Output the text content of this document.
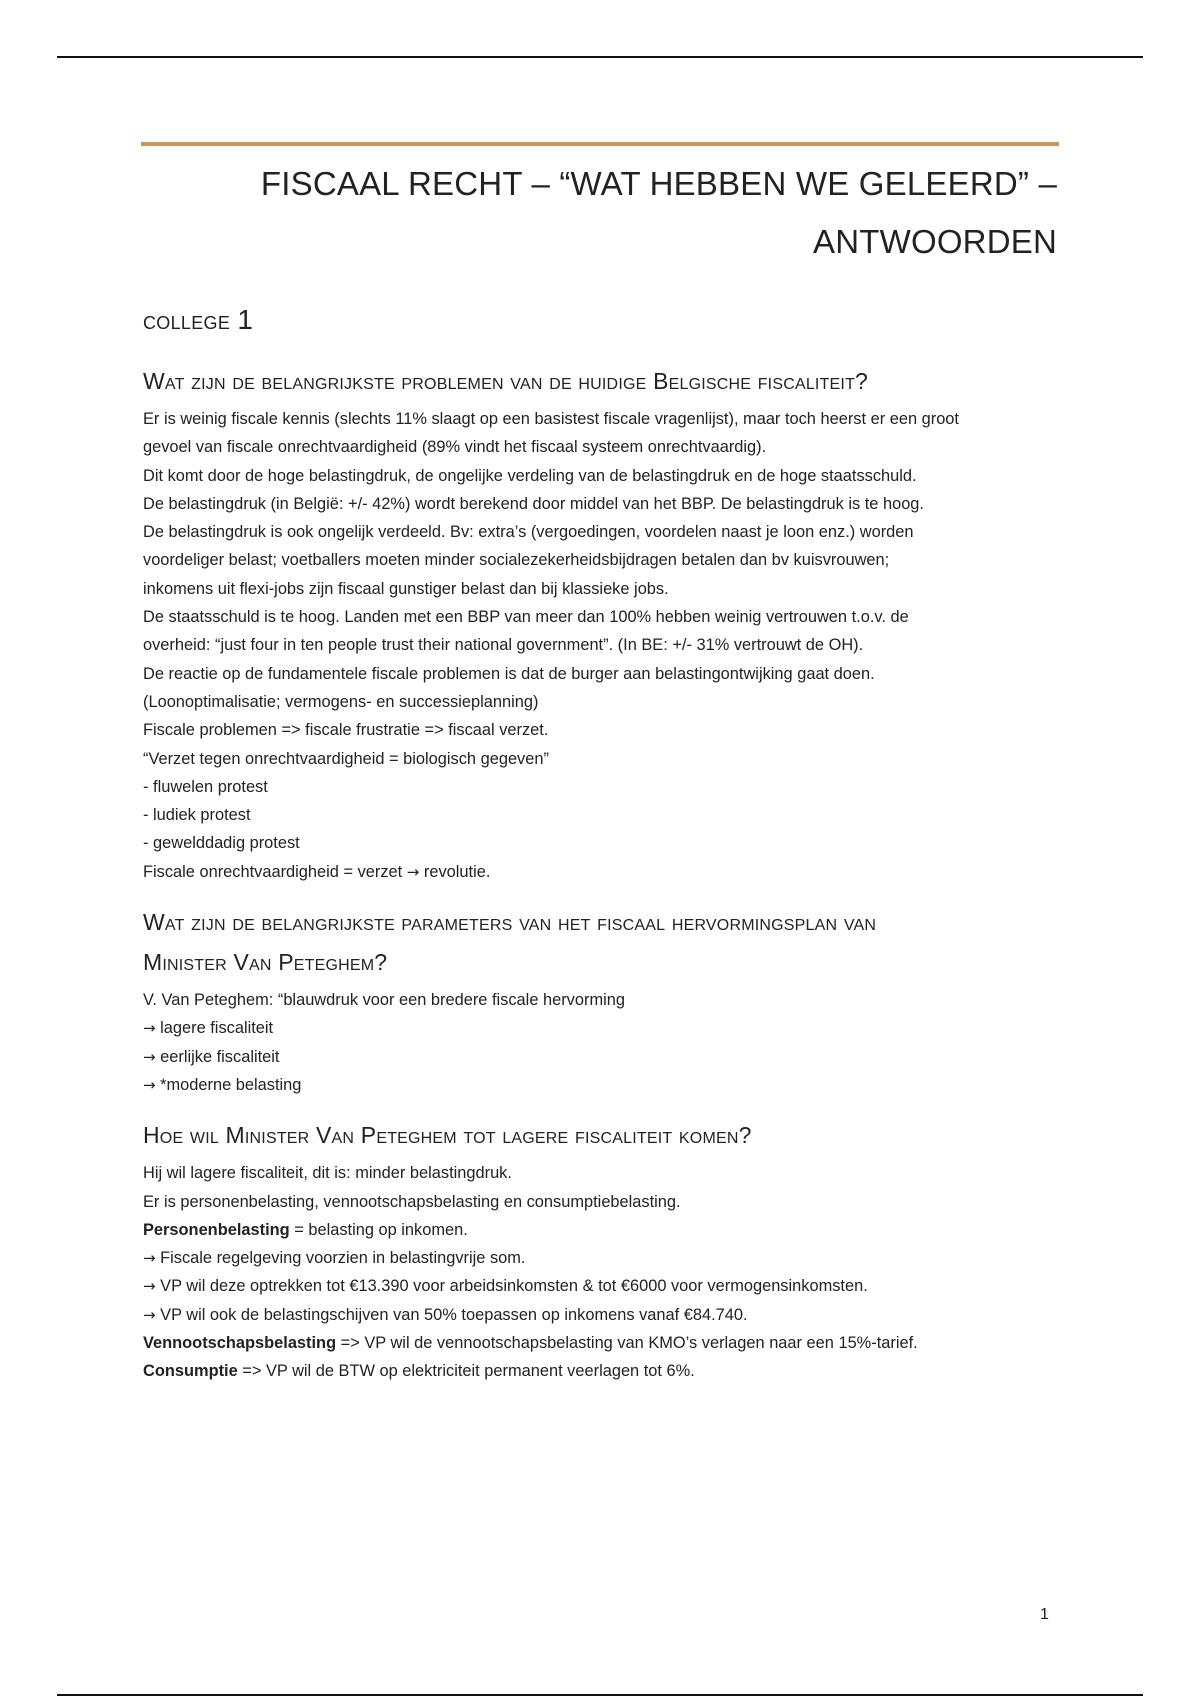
FISCAAL RECHT – “WAT HEBBEN WE GELEERD” –
ANTWOORDEN
college 1
Wat zijn de belangrijkste problemen van de huidige Belgische fiscaliteit?
Er is weinig fiscale kennis (slechts 11% slaagt op een basistest fiscale vragenlijst), maar toch heerst er een groot
gevoel van fiscale onrechtvaardigheid (89% vindt het fiscaal systeem onrechtvaardig).
Dit komt door de hoge belastingdruk, de ongelijke verdeling van de belastingdruk en de hoge staatsschuld.
De belastingdruk (in België: +/- 42%) wordt berekend door middel van het BBP. De belastingdruk is te hoog.
De belastingdruk is ook ongelijk verdeeld. Bv: extra’s (vergoedingen, voordelen naast je loon enz.) worden
voordeliger belast; voetballers moeten minder socialezekerheidsbijdragen betalen dan bv kuisvrouwen;
inkomens uit flexi-jobs zijn fiscaal gunstiger belast dan bij klassieke jobs.
De staatsschuld is te hoog. Landen met een BBP van meer dan 100% hebben weinig vertrouwen t.o.v. de
overheid: “just four in ten people trust their national government”. (In BE: +/- 31% vertrouwt de OH).
De reactie op de fundamentele fiscale problemen is dat de burger aan belastingontwijking gaat doen.
(Loonoptimalisatie; vermogens- en successieplanning)
Fiscale problemen => fiscale frustratie => fiscaal verzet.
“Verzet tegen onrechtvaardigheid = biologisch gegeven”
- fluwelen protest
- ludiek protest
- gewelddadig protest
Fiscale onrechtvaardigheid = verzet → revolutie.
Wat zijn de belangrijkste parameters van het fiscaal hervormingsplan van
Minister Van Peteghem?
V. Van Peteghem: “blauwdruk voor een bredere fiscale hervorming
→ lagere fiscaliteit
→ eerlijke fiscaliteit
→ *moderne belasting
Hoe wil Minister Van Peteghem tot lagere fiscaliteit komen?
Hij wil lagere fiscaliteit, dit is: minder belastingdruk.
Er is personenbelasting, vennootschapsbelasting en consumptiebelasting.
Personenbelasting = belasting op inkomen.
→ Fiscale regelgeving voorzien in belastingvrije som.
→ VP wil deze optrekken tot €13.390 voor arbeidsinkomsten & tot €6000 voor vermogensinkomsten.
→ VP wil ook de belastingschijven van 50% toepassen op inkomens vanaf €84.740.
Vennootschapsbelasting => VP wil de vennootschapsbelasting van KMO’s verlagen naar een 15%-tarief.
Consumptie => VP wil de BTW op elektriciteit permanent veerlagen tot 6%.
1
